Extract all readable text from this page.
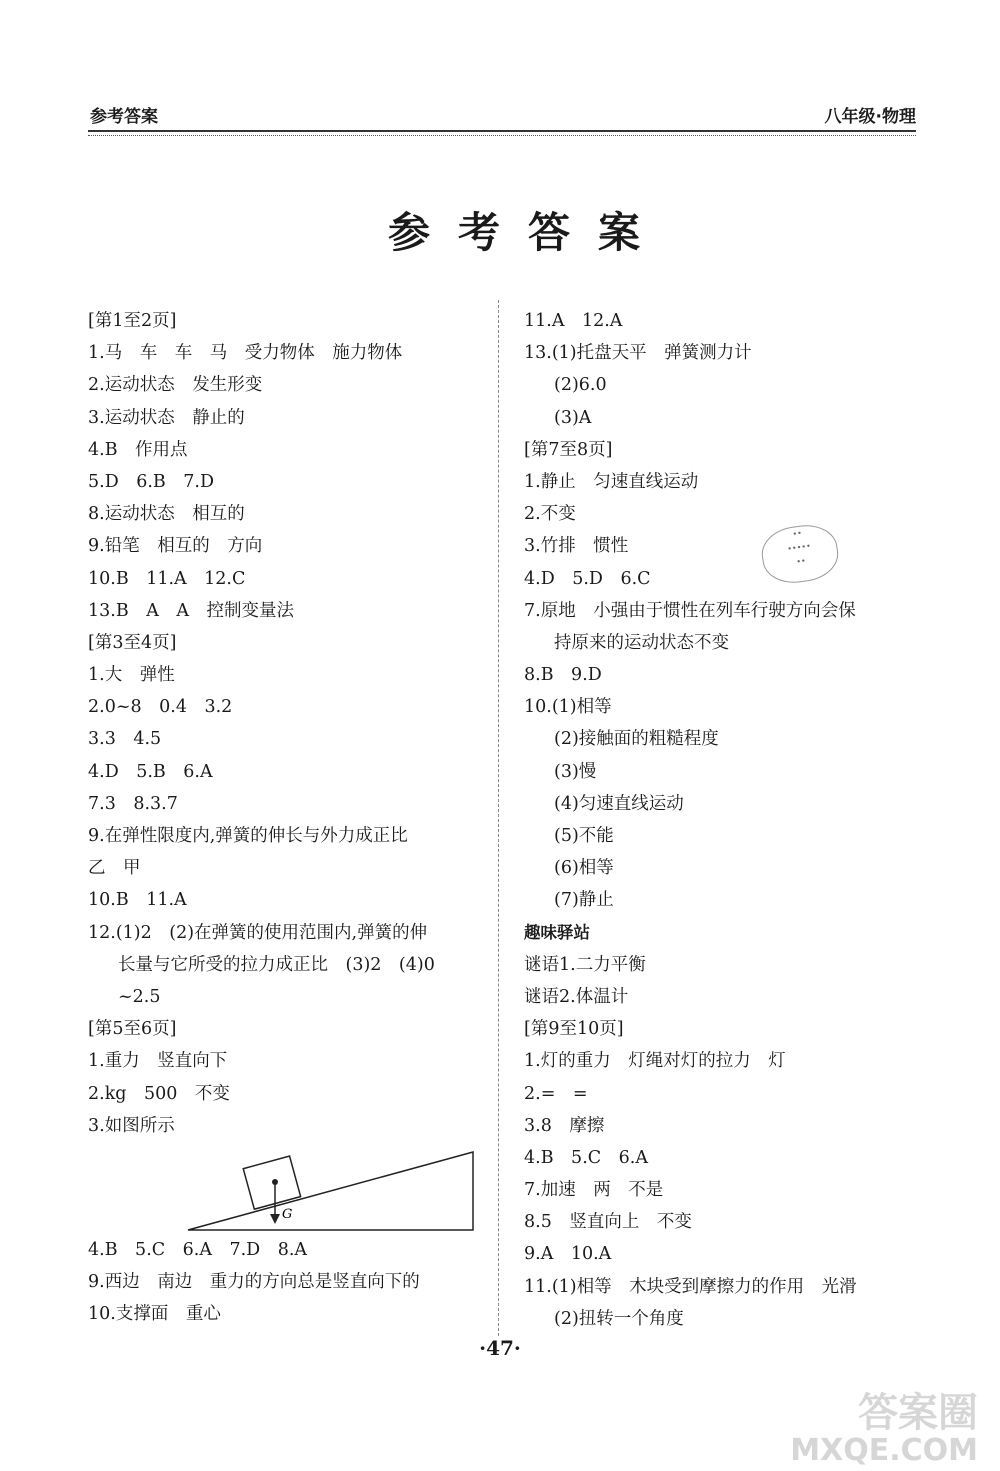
参考答案	八年级·物理
参考答案
[第1至2页]
1.马　车　车　马　受力物体　施力物体
2.运动状态　发生形变
3.运动状态　静止的
4.B　作用点
5.D　6.B　7.D
8.运动状态　相互的
9.铅笔　相互的　方向
10.B　11.A　12.C
13.B　A　A　控制变量法
[第3至4页]
1.大　弹性
2.0~8　0.4　3.2
3.3　4.5
4.D　5.B　6.A
7.3　8.3.7
9.在弹性限度内,弹簧的伸长与外力成正比
乙　甲
10.B　11.A
12.(1)2　(2)在弹簧的使用范围内,弹簧的伸
长量与它所受的拉力成正比　(3)2　(4)0
~2.5
[第5至6页]
1.重力　竖直向下
2.kg　500　不变
3.如图所示
G
4.B　5.C　6.A　7.D　8.A
9.西边　南边　重力的方向总是竖直向下的
10.支撑面　重心
11.A　12.A
13.(1)托盘天平　弹簧测力计
(2)6.0
(3)A
[第7至8页]
1.静止　匀速直线运动
2.不变
3.竹排　惯性
4.D　5.D　6.C
7.原地　小强由于惯性在列车行驶方向会保
持原来的运动状态不变
8.B　9.D
10.(1)相等
(2)接触面的粗糙程度
(3)慢
(4)匀速直线运动
(5)不能
(6)相等
(7)静止
趣味驿站
谜语1.二力平衡
谜语2.体温计
[第9至10页]
1.灯的重力　灯绳对灯的拉力　灯
2.=　=
3.8　摩擦
4.B　5.C　6.A
7.加速　两　不是
8.5　竖直向上　不变
9.A　10.A
11.(1)相等　木块受到摩擦力的作用　光滑
(2)扭转一个角度
••
•••••
••
·47·
答案圈
MXQE.COM
